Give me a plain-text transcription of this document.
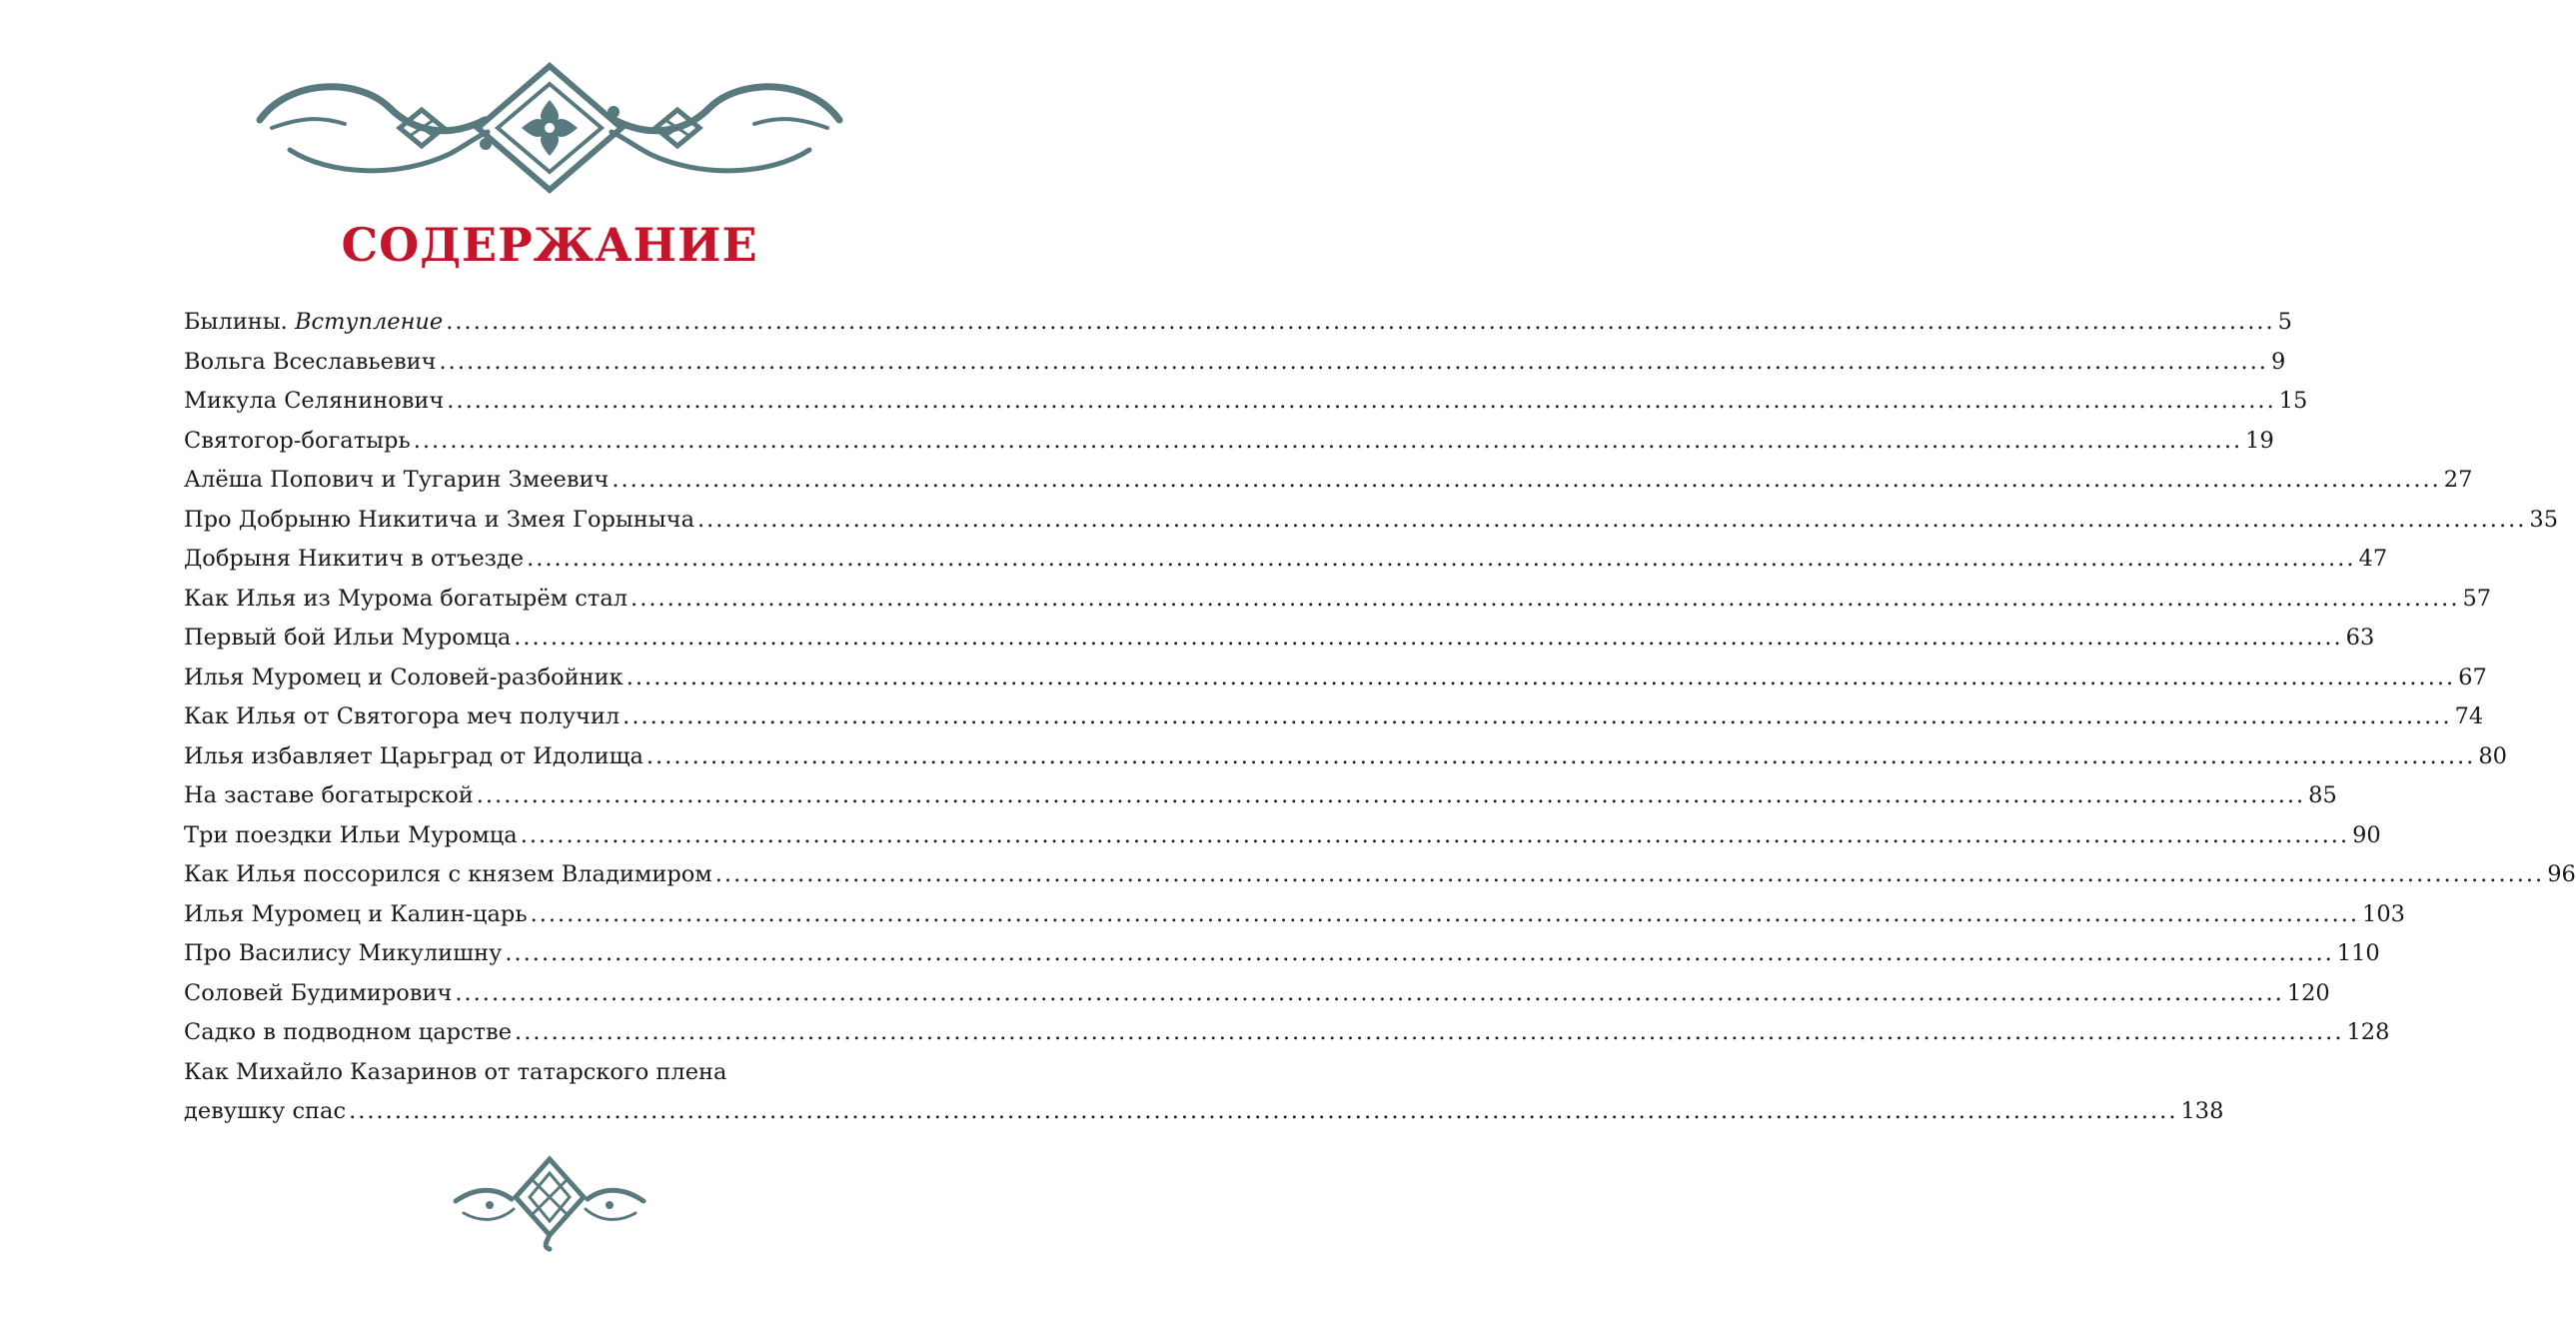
СОДЕРЖАНИЕ
Былины. Вступление ........................................................................................................................................................................................................ 5
Вольга Всеславьевич ........................................................................................................................................................................................................ 9
Микула Селянинович ........................................................................................................................................................................................................ 15
Святогор-богатырь ........................................................................................................................................................................................................ 19
Алёша Попович и Тугарин Змеевич ........................................................................................................................................................................................................ 27
Про Добрыню Никитича и Змея Горыныча ........................................................................................................................................................................................................ 35
Добрыня Никитич в отъезде ........................................................................................................................................................................................................ 47
Как Илья из Мурома богатырём стал ........................................................................................................................................................................................................ 57
Первый бой Ильи Муромца ........................................................................................................................................................................................................ 63
Илья Муромец и Соловей-разбойник ........................................................................................................................................................................................................ 67
Как Илья от Святогора меч получил ........................................................................................................................................................................................................ 74
Илья избавляет Царьград от Идолища ........................................................................................................................................................................................................ 80
На заставе богатырской ........................................................................................................................................................................................................ 85
Три поездки Ильи Муромца ........................................................................................................................................................................................................ 90
Как Илья поссорился с князем Владимиром ........................................................................................................................................................................................................ 96
Илья Муромец и Калин-царь ........................................................................................................................................................................................................ 103
Про Василису Микулишну ........................................................................................................................................................................................................ 110
Соловей Будимирович ........................................................................................................................................................................................................ 120
Садко в подводном царстве ........................................................................................................................................................................................................ 128
Как Михайло Казаринов от татарского плена
девушку спас ........................................................................................................................................................................................................ 138
